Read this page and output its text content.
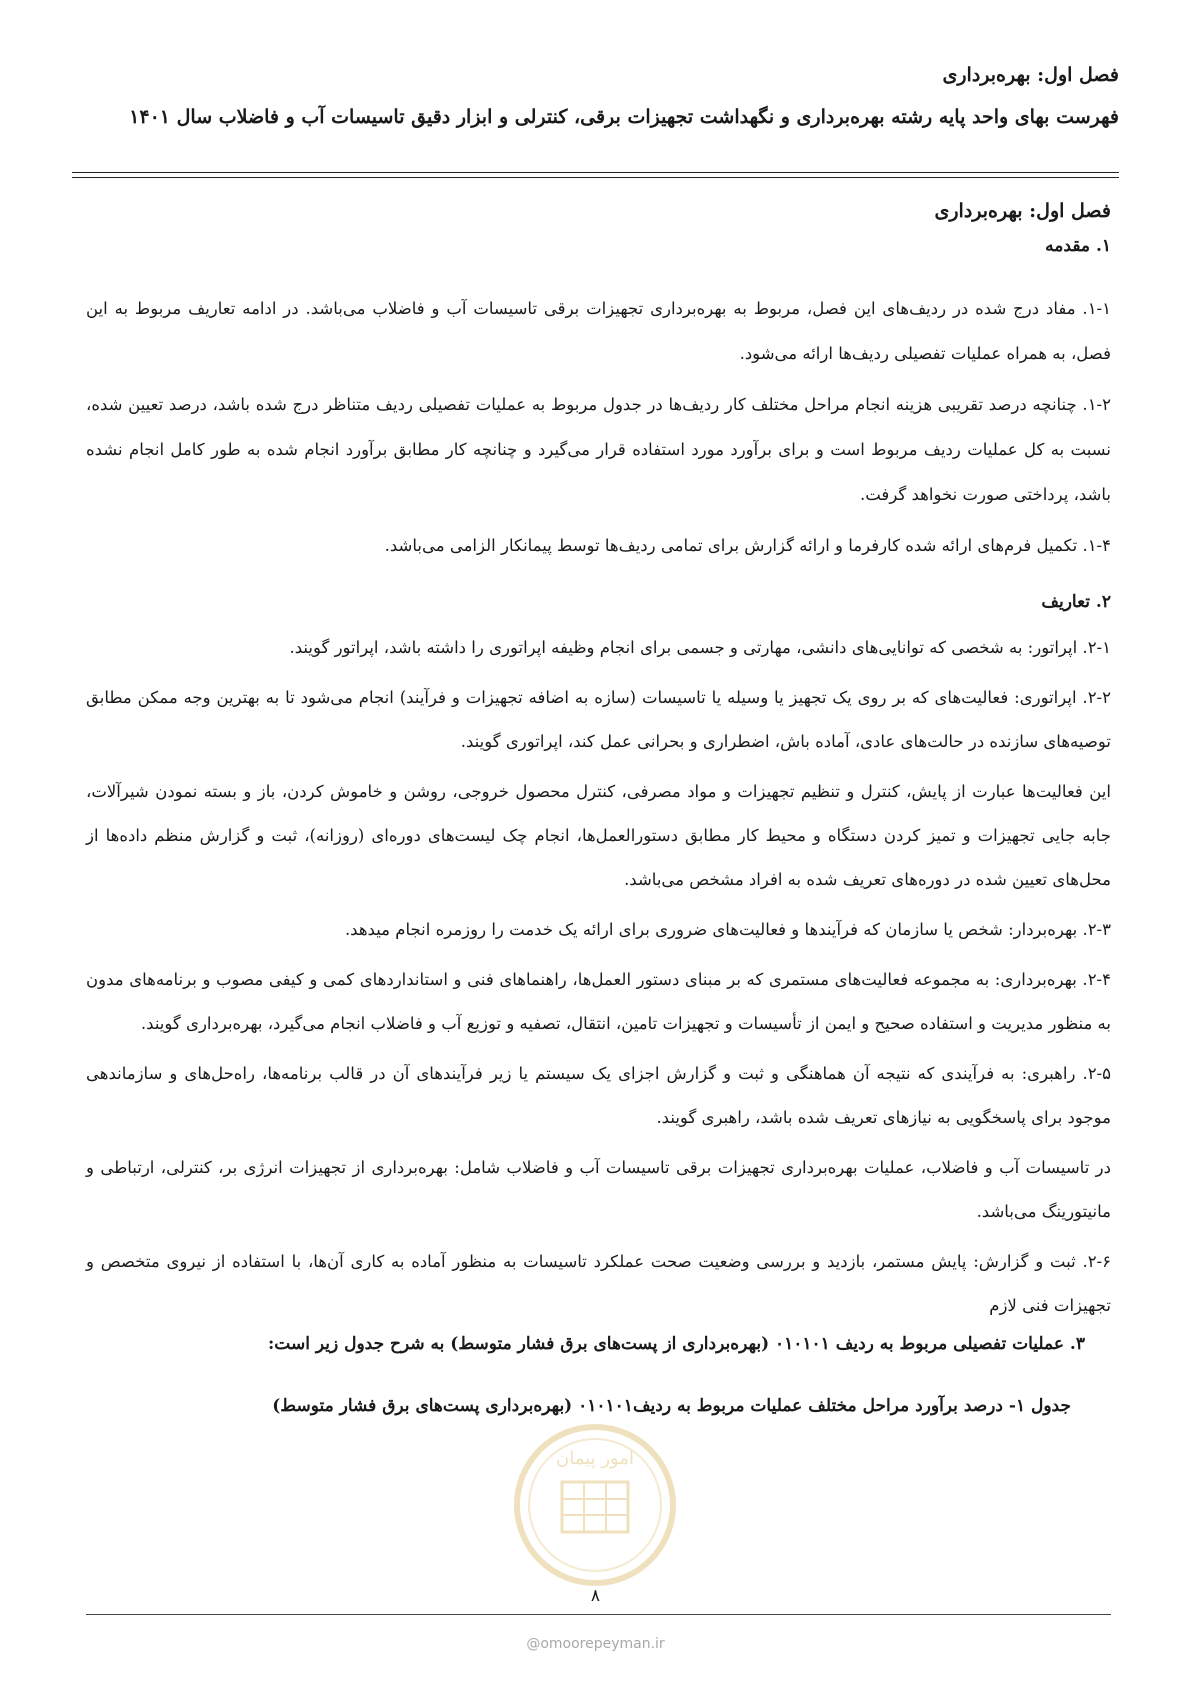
فصل اول: بهره‌برداری

فهرست بهای واحد پایه رشته بهره‌برداری و نگهداشت تجهیزات برقی، کنترلی و ابزار دقیق تاسیسات آب و فاضلاب سال ۱۴۰۱

فصل اول: بهره‌برداری

۱. مقدمه

۱-۱. مفاد درج شده در ردیف‌های این فصل، مربوط به بهره‌برداری تجهیزات برقی تاسیسات آب و فاضلاب می‌باشد. در ادامه تعاریف مربوط به این فصل، به همراه عملیات تفصیلی ردیف‌ها ارائه می‌شود.

۱-۲. چنانچه درصد تقریبی هزینه انجام مراحل مختلف کار ردیف‌ها در جدول مربوط به عملیات تفصیلی ردیف متناظر درج شده باشد، درصد تعیین شده، نسبت به کل عملیات ردیف مربوط است و برای برآورد مورد استفاده قرار می‌گیرد و چنانچه کار مطابق برآورد انجام شده به طور کامل انجام نشده باشد، پرداختی صورت نخواهد گرفت.

۱-۴. تکمیل فرم‌های ارائه شده کارفرما و ارائه گزارش برای تمامی ردیف‌ها توسط پیمانکار الزامی می‌باشد.

۲. تعاریف

۲-۱. اپراتور: به شخصی که توانایی‌های دانشی، مهارتی و جسمی برای انجام وظیفه اپراتوری را داشته باشد، اپراتور گویند.

۲-۲. اپراتوری: فعالیت‌های که بر روی یک تجهیز یا وسیله یا تاسیسات (سازه به اضافه تجهیزات و فرآیند) انجام می‌شود تا به بهترین وجه ممکن مطابق توصیه‌های سازنده در حالت‌های عادی، آماده باش، اضطراری و بحرانی عمل کند، اپراتوری گویند.

این فعالیت‌ها عبارت از پایش، کنترل و تنظیم تجهیزات و مواد مصرفی، کنترل محصول خروجی، روشن و خاموش کردن، باز و بسته نمودن شیرآلات، جابه جایی تجهیزات و تمیز کردن دستگاه و محیط کار مطابق دستورالعمل‌ها، انجام چک لیست‌های دوره‌ای (روزانه)، ثبت و گزارش منظم داده‌ها از محل‌های تعیین شده در دوره‌های تعریف شده به افراد مشخص می‌باشد.

۲-۳. بهره‌بردار: شخص یا سازمان که فرآیندها و فعالیت‌های ضروری برای ارائه یک خدمت را روزمره انجام میدهد.

۲-۴. بهره‌برداری: به مجموعه فعالیت‌های مستمری که بر مبنای دستور العمل‌ها، راهنماهای فنی و استانداردهای کمی و کیفی مصوب و برنامه‌های مدون به منظور مدیریت و استفاده صحیح و ایمن از تأسیسات و تجهیزات تامین، انتقال، تصفیه و توزیع آب و فاضلاب انجام می‌گیرد، بهره‌برداری گویند.

۲-۵. راهبری: به فرآیندی که نتیجه آن هماهنگی و ثبت و گزارش اجزای یک سیستم یا زیر فرآیندهای آن در قالب برنامه‌ها، راه‌حل‌های و سازماندهی موجود برای پاسخگویی به نیازهای تعریف شده باشد، راهبری گویند.

در تاسیسات آب و فاضلاب، عملیات بهره‌برداری تجهیزات برقی تاسیسات آب و فاضلاب شامل: بهره‌برداری از تجهیزات انرژی بر، کنترلی، ارتباطی و مانیتورینگ می‌باشد.

۲-۶. ثبت و گزارش: پایش مستمر، بازدید و بررسی وضعیت صحت عملکرد تاسیسات به منظور آماده به کاری آن‌ها، با استفاده از نیروی متخصص و تجهیزات فنی لازم

۳. عملیات تفصیلی مربوط به ردیف ۰۱۰۱۰۱ (بهره‌برداری از پست‌های برق فشار متوسط) به شرح جدول زیر است:

جدول ۱- درصد برآورد مراحل مختلف عملیات مربوط به ردیف۰۱۰۱۰۱ (بهره‌برداری پست‌های برق فشار متوسط)

امور پیمان
۸
@omoorepeyman.ir
